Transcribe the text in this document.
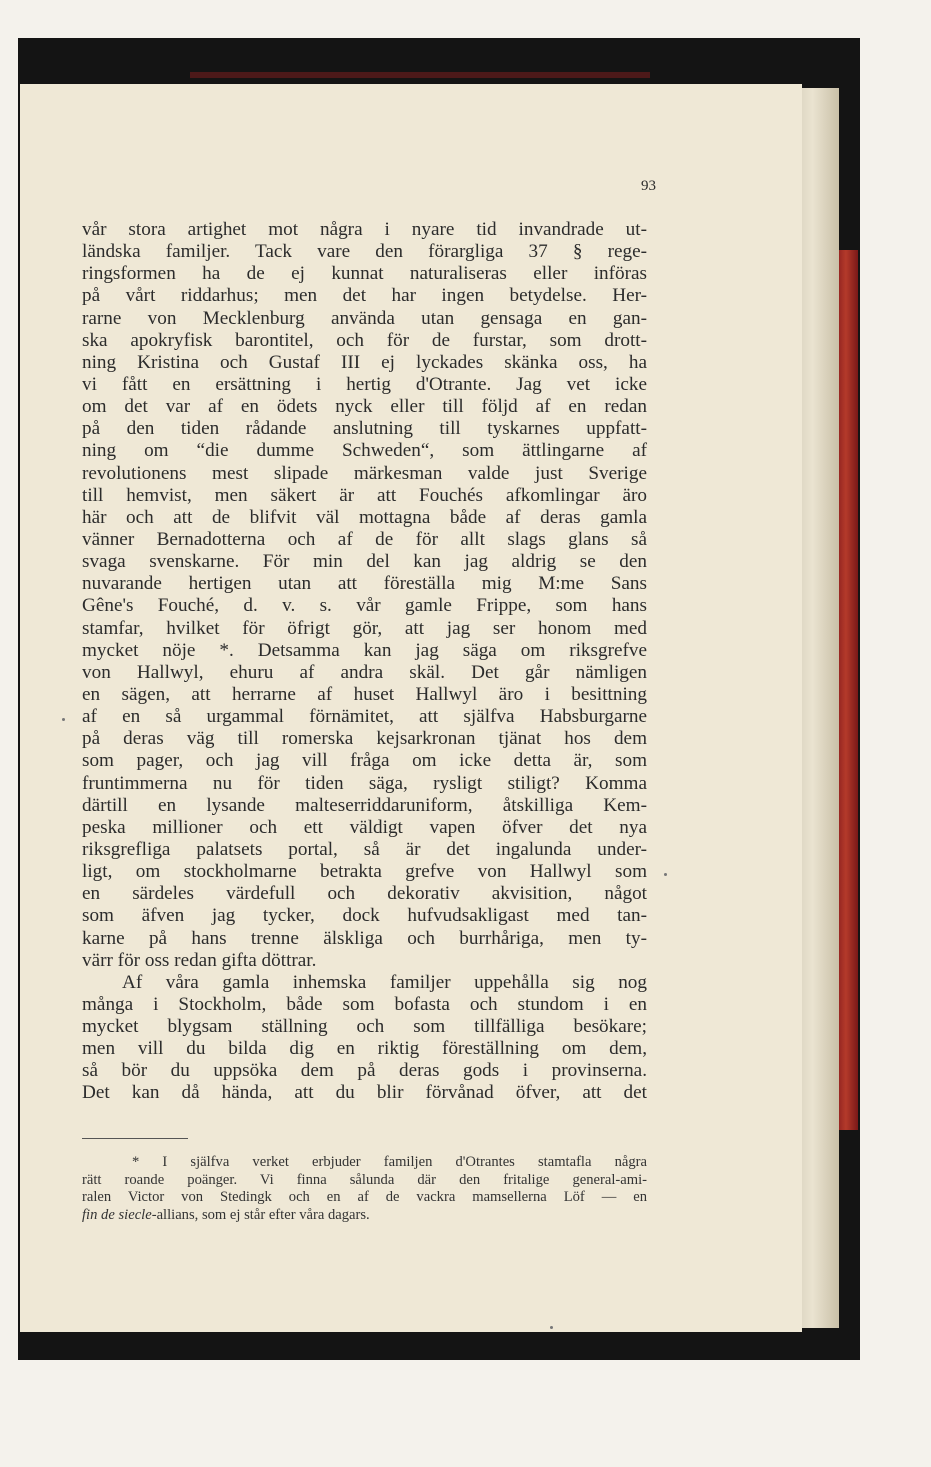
93
vår stora artighet mot några i nyare tid invandrade ut-
ländska familjer. Tack vare den förargliga 37 § rege-
ringsformen ha de ej kunnat naturaliseras eller införas
på vårt riddarhus; men det har ingen betydelse. Her-
rarne von Mecklenburg använda utan gensaga en gan-
ska apokryfisk barontitel, och för de furstar, som drott-
ning Kristina och Gustaf III ej lyckades skänka oss, ha
vi fått en ersättning i hertig d'Otrante. Jag vet icke
om det var af en ödets nyck eller till följd af en redan
på den tiden rådande anslutning till tyskarnes uppfatt-
ning om “die dumme Schweden“, som ättlingarne af
revolutionens mest slipade märkesman valde just Sverige
till hemvist, men säkert är att Fouchés afkomlingar äro
här och att de blifvit väl mottagna både af deras gamla
vänner Bernadotterna och af de för allt slags glans så
svaga svenskarne. För min del kan jag aldrig se den
nuvarande hertigen utan att föreställa mig M:me Sans
Gêne's Fouché, d. v. s. vår gamle Frippe, som hans
stamfar, hvilket för öfrigt gör, att jag ser honom med
mycket nöje *. Detsamma kan jag säga om riksgrefve
von Hallwyl, ehuru af andra skäl. Det går nämligen
en sägen, att herrarne af huset Hallwyl äro i besittning
af en så urgammal förnämitet, att själfva Habsburgarne
på deras väg till romerska kejsarkronan tjänat hos dem
som pager, och jag vill fråga om icke detta är, som
fruntimmerna nu för tiden säga, rysligt stiligt? Komma
därtill en lysande malteserriddaruniform, åtskilliga Kem-
peska millioner och ett väldigt vapen öfver det nya
riksgrefliga palatsets portal, så är det ingalunda under-
ligt, om stockholmarne betrakta grefve von Hallwyl som
en särdeles värdefull och dekorativ akvisition, något
som äfven jag tycker, dock hufvudsakligast med tan-
karne på hans trenne älskliga och burrhåriga, men ty-
värr för oss redan gifta döttrar.
Af våra gamla inhemska familjer uppehålla sig nog
många i Stockholm, både som bofasta och stundom i en
mycket blygsam ställning och som tillfälliga besökare;
men vill du bilda dig en riktig föreställning om dem,
så bör du uppsöka dem på deras gods i provinserna.
Det kan då hända, att du blir förvånad öfver, att det
* I själfva verket erbjuder familjen d'Otrantes stamtafla några
rätt roande poänger. Vi finna sålunda där den fritalige general-ami-
ralen Victor von Stedingk och en af de vackra mamsellerna Löf — en
fin de siecle-allians, som ej står efter våra dagars.
